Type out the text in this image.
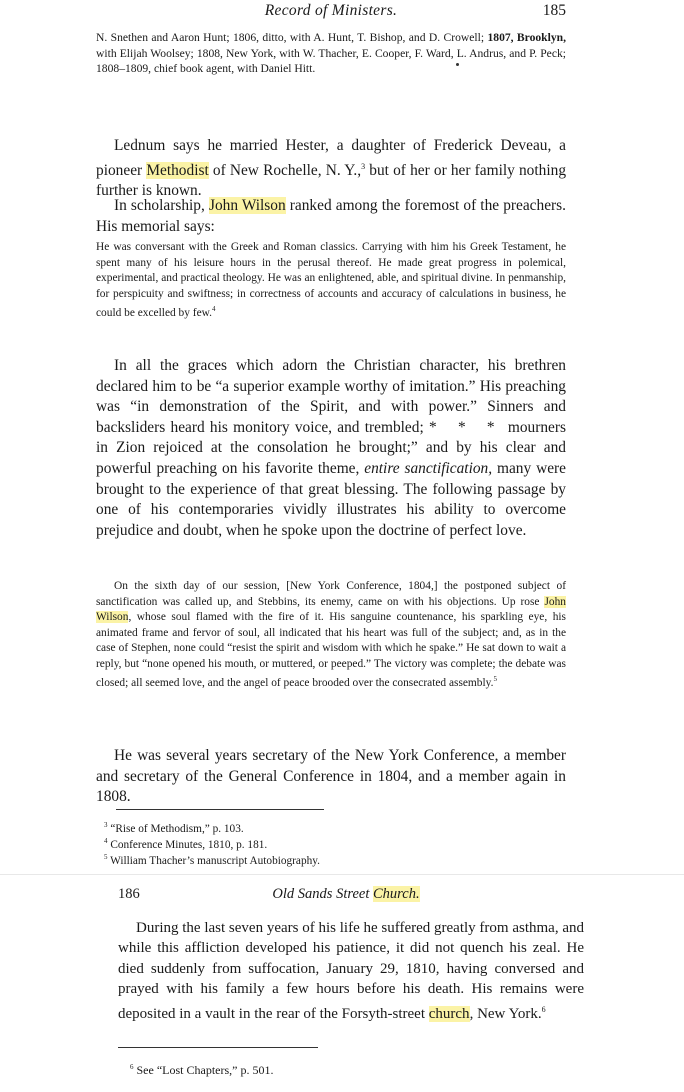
Record of Ministers.	185

N. Snethen and Aaron Hunt; 1806, ditto, with A. Hunt, T. Bishop, and D. Crowell; 1807, Brooklyn, with Elijah Woolsey; 1808, New York, with W. Thacher, E. Cooper, F. Ward, L. Andrus, and P. Peck; 1808–1809, chief book agent, with Daniel Hitt.

Lednum says he married Hester, a daughter of Frederick Deveau, a pioneer Methodist of New Rochelle, N. Y.,$^3$ but of her or her family nothing further is known.

In scholarship, John Wilson ranked among the foremost of the preachers. His memorial says:

He was conversant with the Greek and Roman classics. Carrying with him his Greek Testament, he spent many of his leisure hours in the perusal thereof. He made great progress in polemical, experimental, and practical theology. He was an enlightened, able, and spiritual divine. In penmanship, for perspicuity and swiftness; in correctness of accounts and accuracy of calculations in business, he could be excelled by few.$^4$

In all the graces which adorn the Christian character, his brethren declared him to be “a superior example worthy of imitation.” His preaching was “in demonstration of the Spirit, and with power.” Sinners and backsliders heard his monitory voice, and trembled; * * * mourners in Zion rejoiced at the consolation he brought;” and by his clear and powerful preaching on his favorite theme, entire sanctification, many were brought to the experience of that great blessing. The following passage by one of his contemporaries vividly illustrates his ability to overcome prejudice and doubt, when he spoke upon the doctrine of perfect love.

On the sixth day of our session, [New York Conference, 1804,] the postponed subject of sanctification was called up, and Stebbins, its enemy, came on with his objections. Up rose John Wilson, whose soul flamed with the fire of it. His sanguine countenance, his sparkling eye, his animated frame and fervor of soul, all indicated that his heart was full of the subject; and, as in the case of Stephen, none could “resist the spirit and wisdom with which he spake.” He sat down to wait a reply, but “none opened his mouth, or muttered, or peeped.” The victory was complete; the debate was closed; all seemed love, and the angel of peace brooded over the consecrated assembly.$^5$

He was several years secretary of the New York Conference, a member and secretary of the General Conference in 1804, and a member again in 1808.

$^3$ “Rise of Methodism,” p. 103.
$^4$ Conference Minutes, 1810, p. 181.
$^5$ William Thacher’s manuscript Autobiography.
186	Old Sands Street Church.

During the last seven years of his life he suffered greatly from asthma, and while this affliction developed his patience, it did not quench his zeal. He died suddenly from suffocation, January 29, 1810, having conversed and prayed with his family a few hours before his death. His remains were deposited in a vault in the rear of the Forsyth-street church, New York.$^6$

$^6$ See “Lost Chapters,” p. 501.
